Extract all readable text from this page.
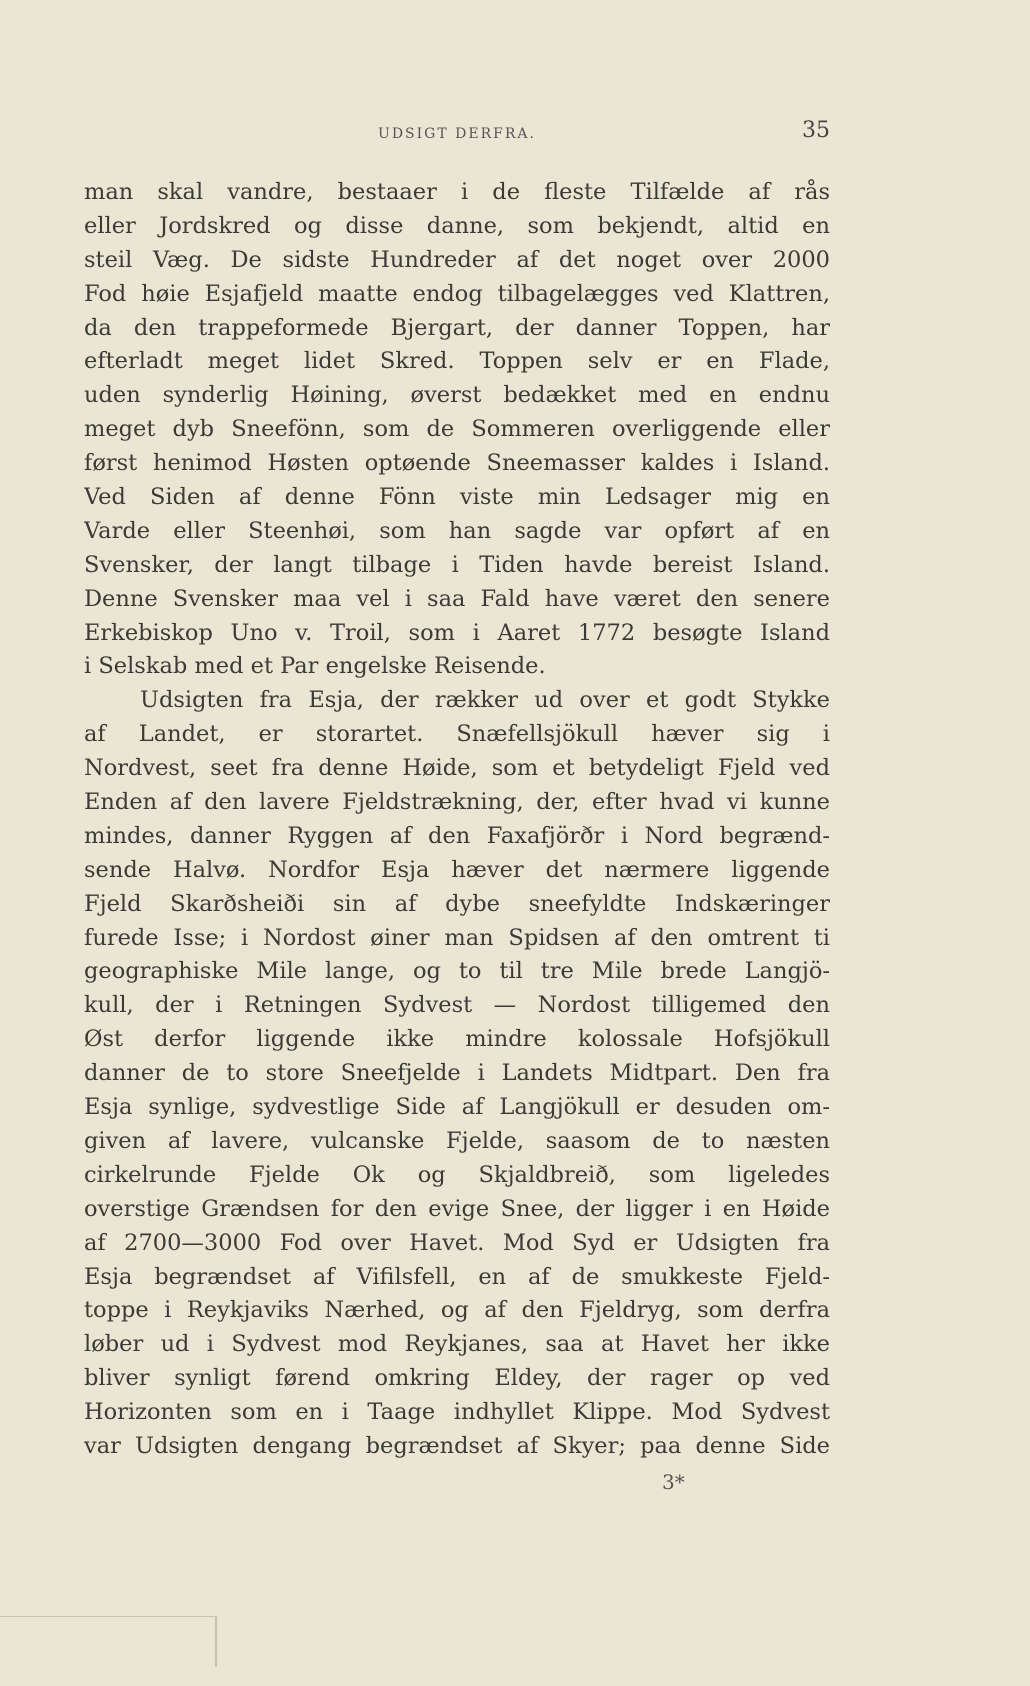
UDSIGT DERFRA.	35
man skal vandre, bestaaer i de fleste Tilfælde af rås
eller Jordskred og disse danne, som bekjendt, altid en
steil Væg. De sidste Hundreder af det noget over 2000
Fod høie Esjafjeld maatte endog tilbagelægges ved Klattren,
da den trappeformede Bjergart, der danner Toppen, har
efterladt meget lidet Skred. Toppen selv er en Flade,
uden synderlig Høining, øverst bedækket med en endnu
meget dyb Sneefönn, som de Sommeren overliggende eller
først henimod Høsten optøende Sneemasser kaldes i Island.
Ved Siden af denne Fönn viste min Ledsager mig en
Varde eller Steenhøi, som han sagde var opført af en
Svensker, der langt tilbage i Tiden havde bereist Island.
Denne Svensker maa vel i saa Fald have været den senere
Erkebiskop Uno v. Troil, som i Aaret 1772 besøgte Island
i Selskab med et Par engelske Reisende.
Udsigten fra Esja, der rækker ud over et godt Stykke
af Landet, er storartet. Snæfellsjökull hæver sig i
Nordvest, seet fra denne Høide, som et betydeligt Fjeld ved
Enden af den lavere Fjeldstrækning, der, efter hvad vi kunne
mindes, danner Ryggen af den Faxafjörðr i Nord begrænd-
sende Halvø. Nordfor Esja hæver det nærmere liggende
Fjeld Skarðsheiði sin af dybe sneefyldte Indskæringer
furede Isse; i Nordost øiner man Spidsen af den omtrent ti
geographiske Mile lange, og to til tre Mile brede Langjö-
kull, der i Retningen Sydvest — Nordost tilligemed den
Øst derfor liggende ikke mindre kolossale Hofsjökull
danner de to store Sneefjelde i Landets Midtpart. Den fra
Esja synlige, sydvestlige Side af Langjökull er desuden om-
given af lavere, vulcanske Fjelde, saasom de to næsten
cirkelrunde Fjelde Ok og Skjaldbreið, som ligeledes
overstige Grændsen for den evige Snee, der ligger i en Høide
af 2700—3000 Fod over Havet. Mod Syd er Udsigten fra
Esja begrændset af Vifilsfell, en af de smukkeste Fjeld-
toppe i Reykjaviks Nærhed, og af den Fjeldryg, som derfra
løber ud i Sydvest mod Reykjanes, saa at Havet her ikke
bliver synligt førend omkring Eldey, der rager op ved
Horizonten som en i Taage indhyllet Klippe. Mod Sydvest
var Udsigten dengang begrændset af Skyer; paa denne Side
3*
